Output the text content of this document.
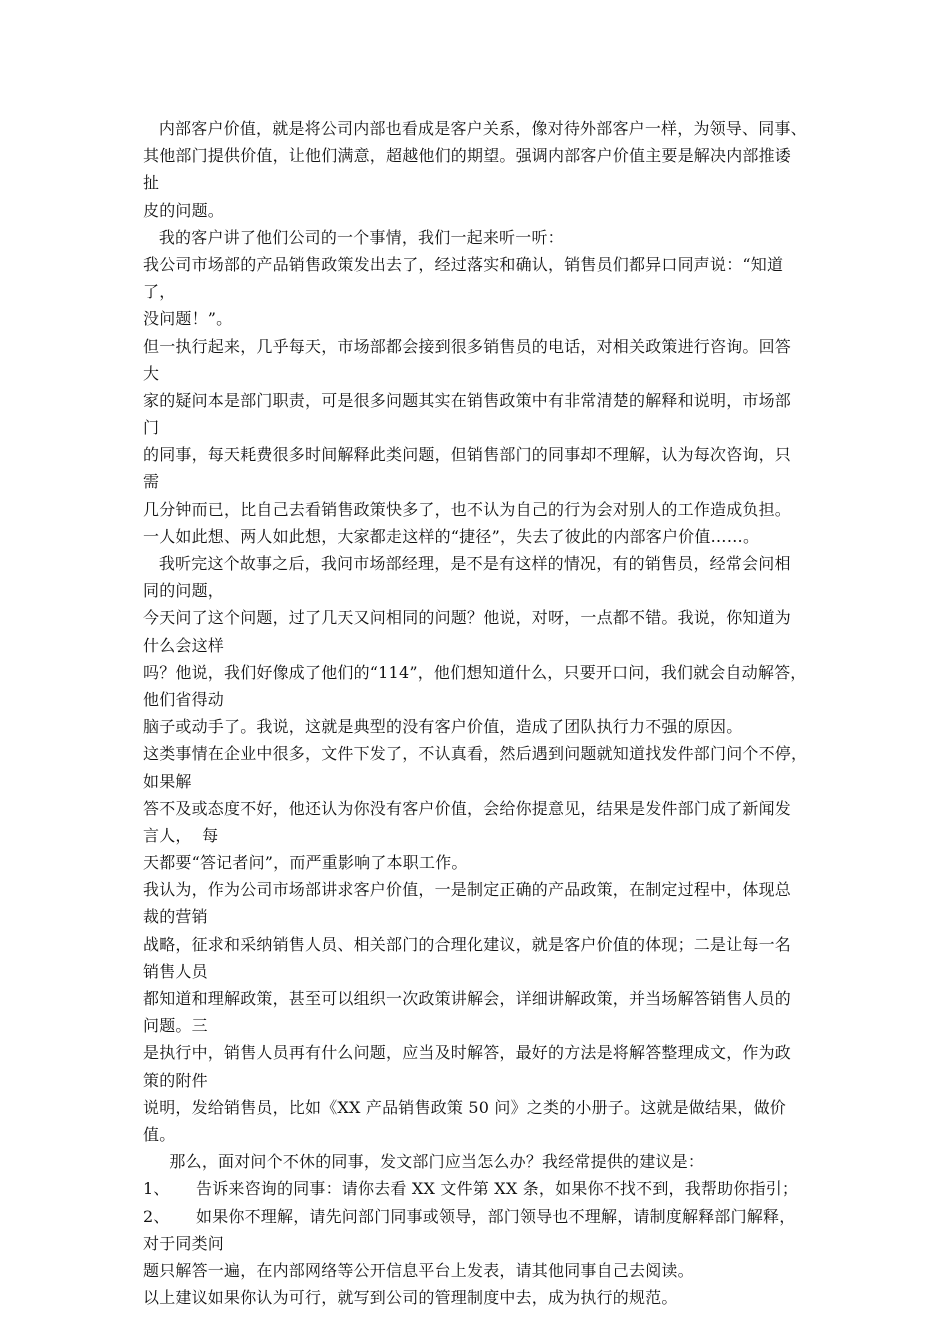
内部客户价值，就是将公司内部也看成是客户关系，像对待外部客户一样，为领导、同事、
其他部门提供价值，让他们满意，超越他们的期望。强调内部客户价值主要是解决内部推诿
扯
皮的问题。
我的客户讲了他们公司的一个事情，我们一起来听一听：
我公司市场部的产品销售政策发出去了，经过落实和确认，销售员们都异口同声说：“知道
了，
没问题！”。
但一执行起来，几乎每天，市场部都会接到很多销售员的电话，对相关政策进行咨询。回答
大
家的疑问本是部门职责，可是很多问题其实在销售政策中有非常清楚的解释和说明，市场部
门
的同事，每天耗费很多时间解释此类问题，但销售部门的同事却不理解，认为每次咨询，只
需
几分钟而已，比自己去看销售政策快多了，也不认为自己的行为会对别人的工作造成负担。
一人如此想、两人如此想，大家都走这样的“捷径”，失去了彼此的内部客户价值……。
我听完这个故事之后，我问市场部经理，是不是有这样的情况，有的销售员，经常会问相
同的问题，
今天问了这个问题，过了几天又问相同的问题？他说，对呀，一点都不错。我说，你知道为
什么会这样
吗？他说，我们好像成了他们的“114”，他们想知道什么，只要开口问，我们就会自动解答，
他们省得动
脑子或动手了。我说，这就是典型的没有客户价值，造成了团队执行力不强的原因。
这类事情在企业中很多，文件下发了，不认真看，然后遇到问题就知道找发件部门问个不停，
如果解
答不及或态度不好，他还认为你没有客户价值，会给你提意见，结果是发件部门成了新闻发
言人，  每
天都要“答记者问”，而严重影响了本职工作。
我认为，作为公司市场部讲求客户价值，一是制定正确的产品政策，在制定过程中，体现总
裁的营销
战略，征求和采纳销售人员、相关部门的合理化建议，就是客户价值的体现；二是让每一名
销售人员
都知道和理解政策，甚至可以组织一次政策讲解会，详细讲解政策，并当场解答销售人员的
问题。三
是执行中，销售人员再有什么问题，应当及时解答，最好的方法是将解答整理成文，作为政
策的附件
说明，发给销售员，比如《XX 产品销售政策 50 问》之类的小册子。这就是做结果，做价
值。
那么，面对问个不休的同事，发文部门应当怎么办？我经常提供的建议是：
1、     告诉来咨询的同事：请你去看 XX 文件第 XX 条，如果你不找不到，我帮助你指引；
2、     如果你不理解，请先问部门同事或领导，部门领导也不理解，请制度解释部门解释，
对于同类问
题只解答一遍，在内部网络等公开信息平台上发表，请其他同事自己去阅读。
以上建议如果你认为可行，就写到公司的管理制度中去，成为执行的规范。
